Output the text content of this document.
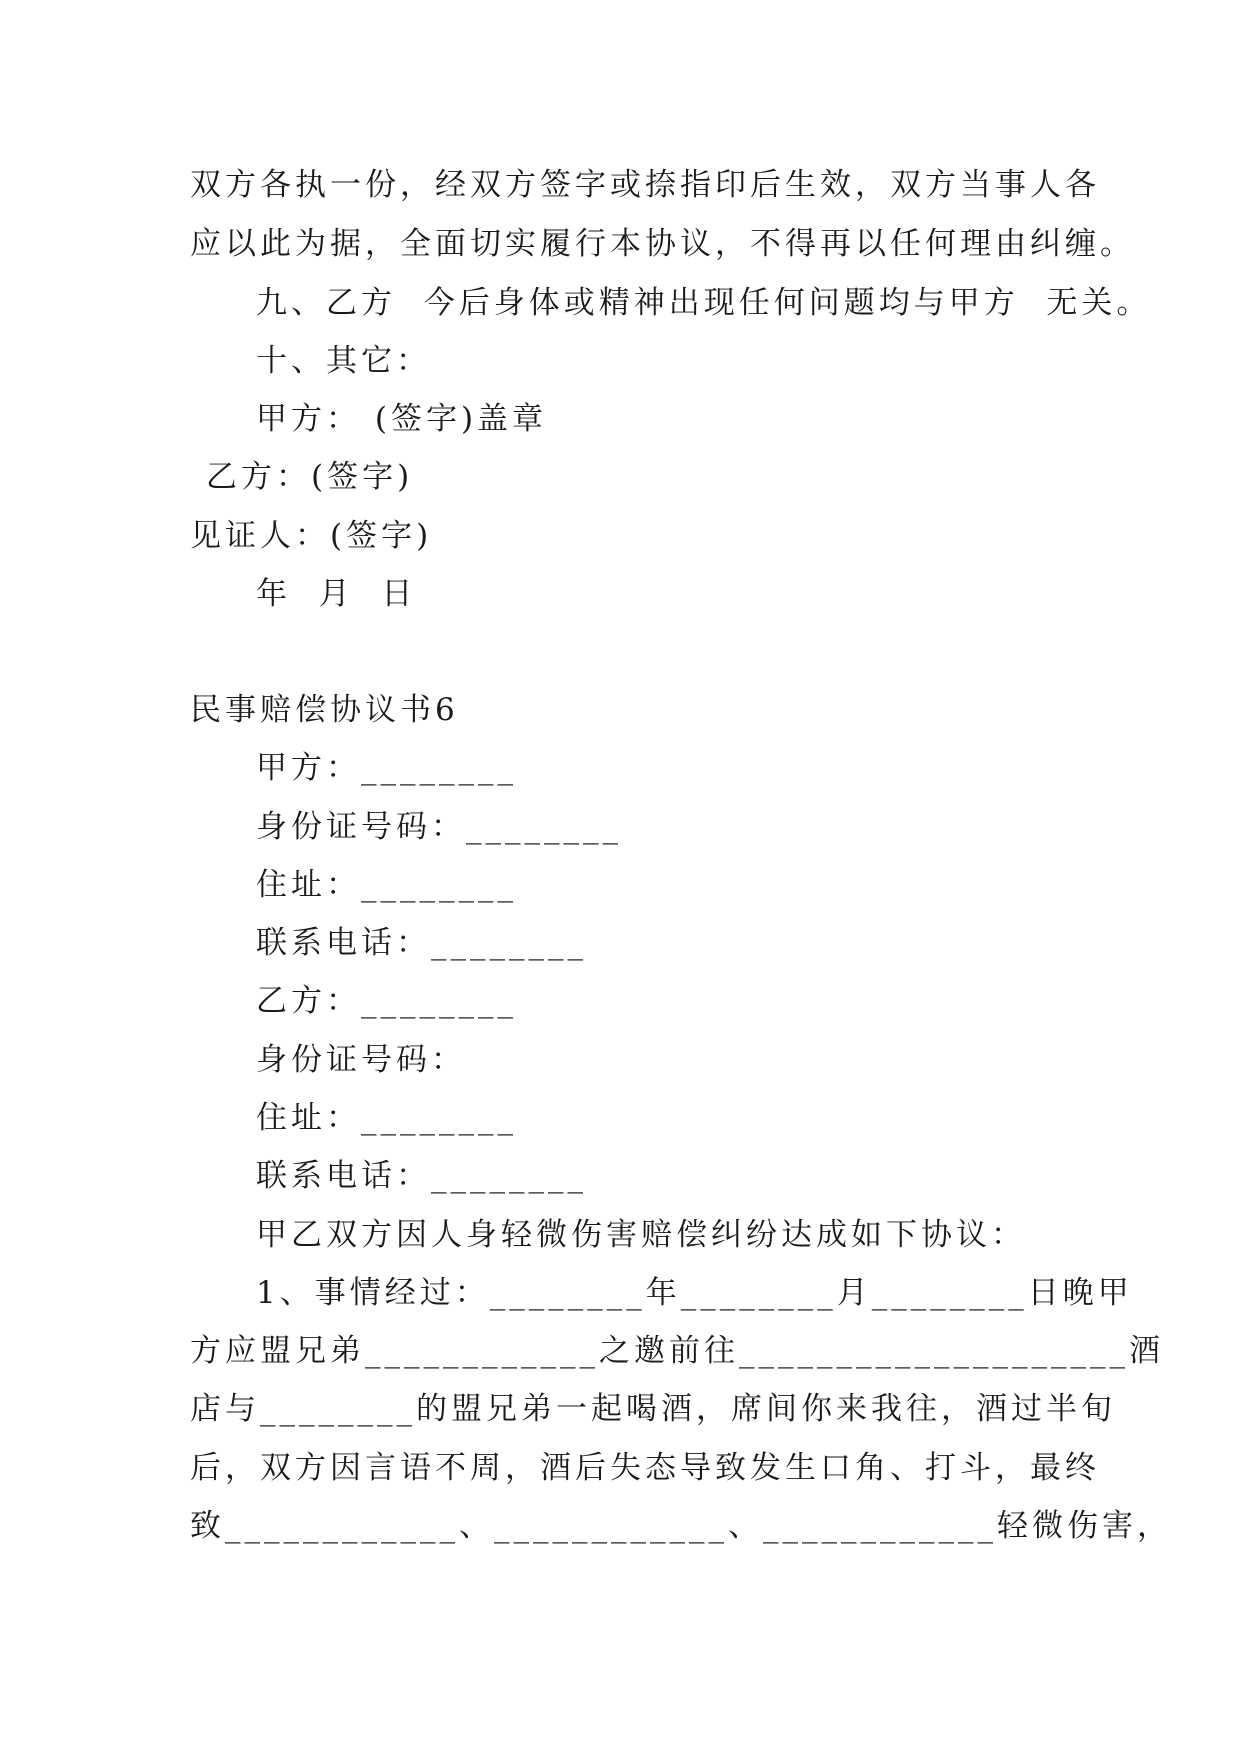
双方各执一份，经双方签字或捺指印后生效，双方当事人各
应以此为据，全面切实履行本协议，不得再以任何理由纠缠。
九、乙方  今后身体或精神出现任何问题均与甲方  无关。
十、其它：
甲方： (签字)盖章
乙方：(签字)
见证人：(签字)
年  月  日
民事赔偿协议书6
甲方：________
身份证号码：________
住址：________
联系电话：________
乙方：________
身份证号码：
住址：________
联系电话：________
甲乙双方因人身轻微伤害赔偿纠纷达成如下协议：
1、事情经过：________年________月________日晚甲
方应盟兄弟____________之邀前往____________________酒
店与________的盟兄弟一起喝酒，席间你来我往，酒过半旬
后，双方因言语不周，酒后失态导致发生口角、打斗，最终
致____________、____________、____________轻微伤害，
